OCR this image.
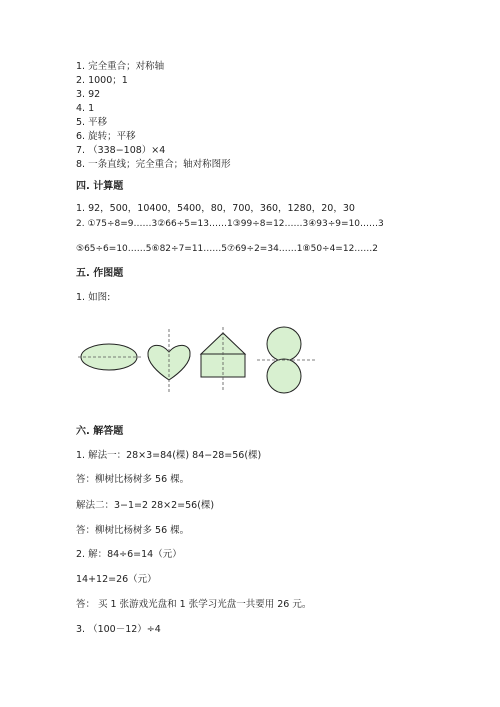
1. 完全重合；对称轴
2. 1000；1
3. 92
4. 1
5. 平移
6. 旋转；平移
7. （338−108）×4
8. 一条直线；完全重合；轴对称图形
四. 计算题
1. 92，500，10400，5400，80，700，360，1280，20，30
2. ①75÷8=9……3②66÷5=13……1③99÷8=12……3④93÷9=10……3
⑤65÷6=10……5⑥82÷7=11……5⑦69÷2=34……1⑧50÷4=12……2
五. 作图题
1. 如图:
六. 解答题
1. 解法一：28×3=84(棵) 84−28=56(棵)
答：柳树比杨树多 56 棵。
解法二：3−1=2 28×2=56(棵)
答：柳树比杨树多 56 棵。
2. 解：84÷6=14（元）
14+12=26（元）
答： 买 1 张游戏光盘和 1 张学习光盘一共要用 26 元。
3. （100－12）÷4
